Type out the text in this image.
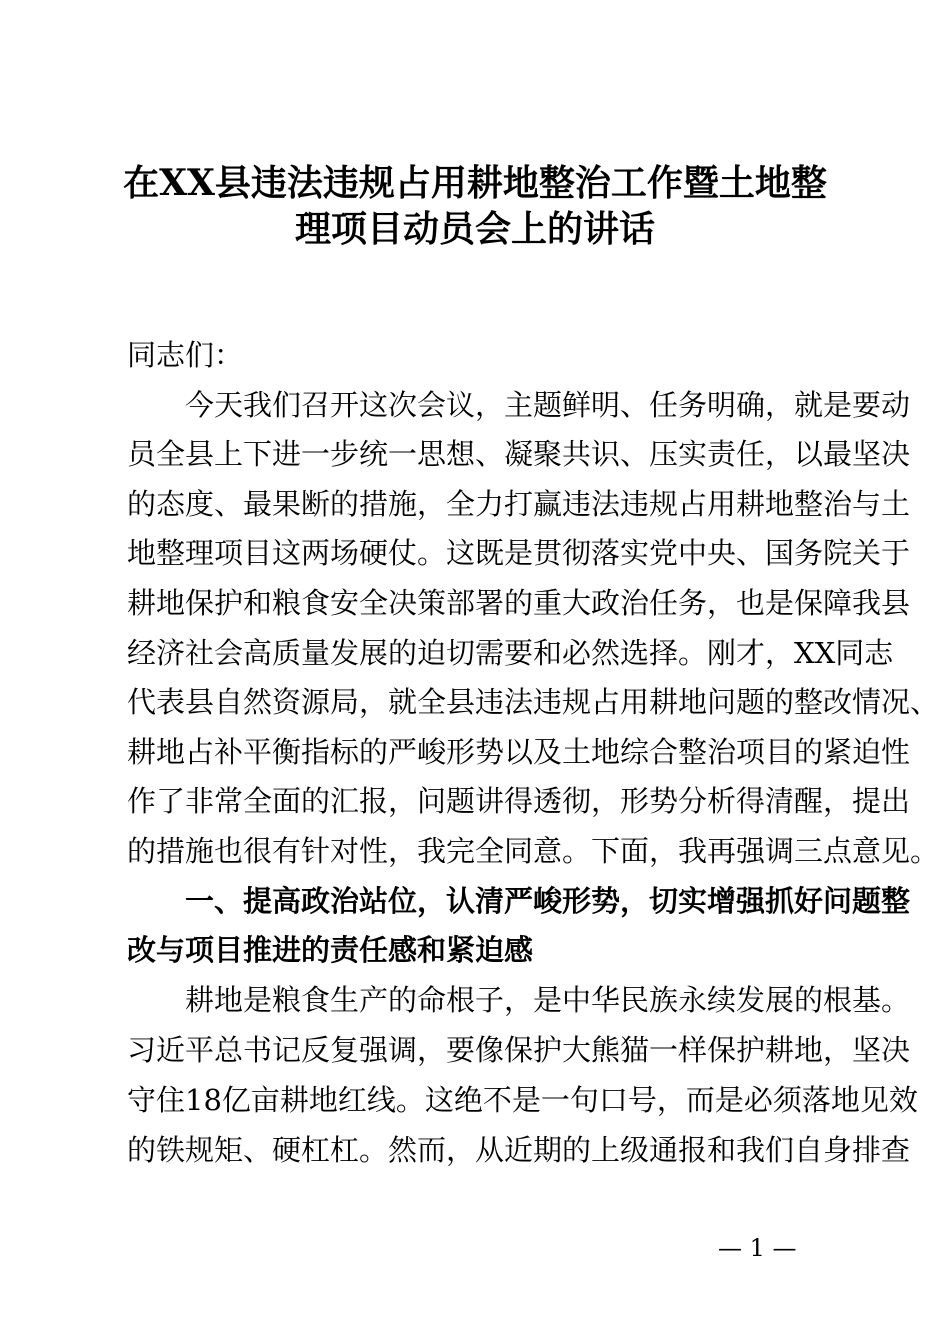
在XX县违法违规占用耕地整治工作暨土地整
理项目动员会上的讲话
同志们：
今天我们召开这次会议，主题鲜明、任务明确，就是要动
员全县上下进一步统一思想、凝聚共识、压实责任，以最坚决
的态度、最果断的措施，全力打赢违法违规占用耕地整治与土
地整理项目这两场硬仗。这既是贯彻落实党中央、国务院关于
耕地保护和粮食安全决策部署的重大政治任务，也是保障我县
经济社会高质量发展的迫切需要和必然选择。刚才，XX同志
代表县自然资源局，就全县违法违规占用耕地问题的整改情况、
耕地占补平衡指标的严峻形势以及土地综合整治项目的紧迫性
作了非常全面的汇报，问题讲得透彻，形势分析得清醒，提出
的措施也很有针对性，我完全同意。下面，我再强调三点意见。
一、提高政治站位，认清严峻形势，切实增强抓好问题整
改与项目推进的责任感和紧迫感
耕地是粮食生产的命根子，是中华民族永续发展的根基。
习近平总书记反复强调，要像保护大熊猫一样保护耕地，坚决
守住18亿亩耕地红线。这绝不是一句口号，而是必须落地见效
的铁规矩、硬杠杠。然而，从近期的上级通报和我们自身排查
— 1 —
